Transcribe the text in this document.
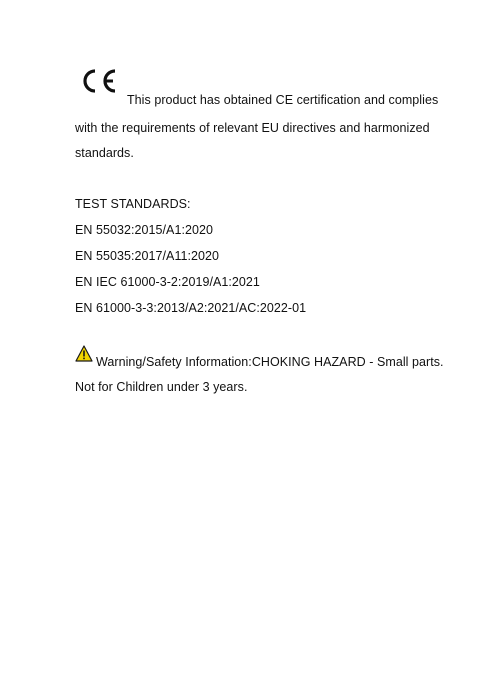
This product has obtained CE certification and complies
with the requirements of relevant EU directives and harmonized
standards.
TEST STANDARDS:
EN 55032:2015/A1:2020
EN 55035:2017/A11:2020
EN IEC 61000-3-2:2019/A1:2021
EN 61000-3-3:2013/A2:2021/AC:2022-01
Warning/Safety Information:CHOKING HAZARD - Small parts.
Not for Children under 3 years.
